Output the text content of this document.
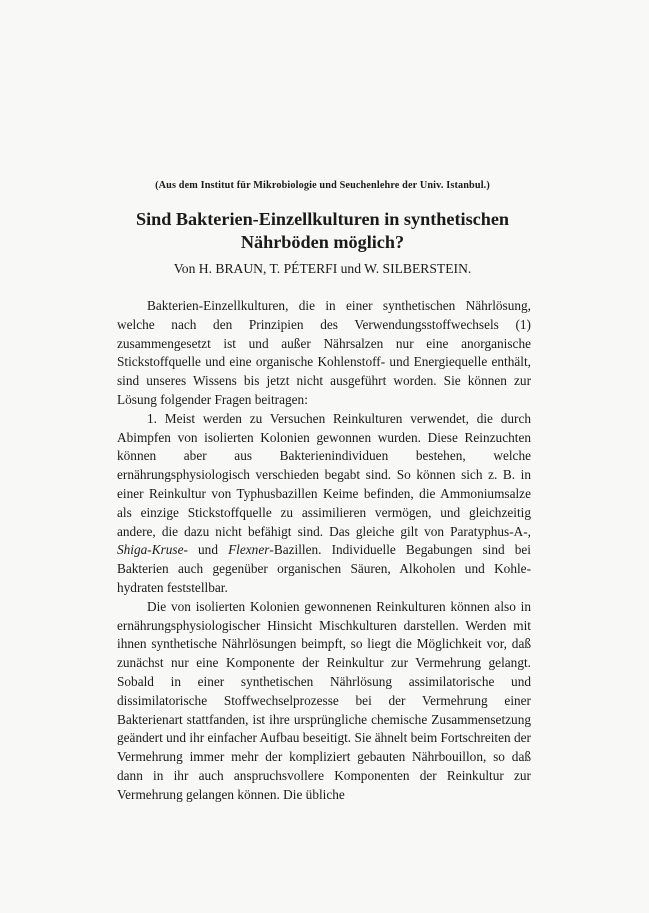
(Aus dem Institut für Mikrobiologie und Seuchenlehre der Univ. Istanbul.)
Sind Bakterien-Einzellkulturen in synthetischen
Nährböden möglich?
Von H. BRAUN, T. PÉTERFI und W. SILBERSTEIN.

Bakterien-Einzellkulturen, die in einer synthetischen Nährlösung, welche nach den Prinzipien des Verwendungsstoffwechsels (1) zusammengesetzt ist und außer Nährsalzen nur eine anorganische Stickstoffquelle und eine organische Kohlenstoff- und Energiequelle enthält, sind unseres Wissens bis jetzt nicht ausgeführt worden. Sie können zur Lösung folgender Fragen beitragen:

1. Meist werden zu Versuchen Reinkulturen verwendet, die durch Abimpfen von isolierten Kolonien gewonnen wurden. Diese Reinzuchten können aber aus Bakterienindividuen bestehen, welche ernährungsphysiologisch verschieden begabt sind. So können sich z. B. in einer Reinkultur von Typhusbazillen Keime befinden, die Ammoniumsalze als einzige Stickstoffquelle zu assimilieren vermögen, und gleichzeitig andere, die dazu nicht befähigt sind. Das gleiche gilt von Paratyphus-A-, Shiga-Kruse- und Flexner-Bazillen. Individuelle Begabungen sind bei Bakterien auch gegenüber organischen Säuren, Alkoholen und Kohlehydraten feststellbar.

Die von isolierten Kolonien gewonnenen Reinkulturen können also in ernährungsphysiologischer Hinsicht Mischkulturen darstellen. Werden mit ihnen synthetische Nährlösungen beimpft, so liegt die Möglichkeit vor, daß zunächst nur eine Komponente der Reinkultur zur Vermehrung gelangt. Sobald in einer synthetischen Nährlösung assimilatorische und dissimilatorische Stoffwechselprozesse bei der Vermehrung einer Bakterienart stattfanden, ist ihre ursprüngliche chemische Zusammensetzung geändert und ihr einfacher Aufbau beseitigt. Sie ähnelt beim Fortschreiten der Vermehrung immer mehr der kompliziert gebauten Nährbouillon, so daß dann in ihr auch anspruchsvollere Komponenten der Reinkultur zur Vermehrung gelangen können. Die übliche
